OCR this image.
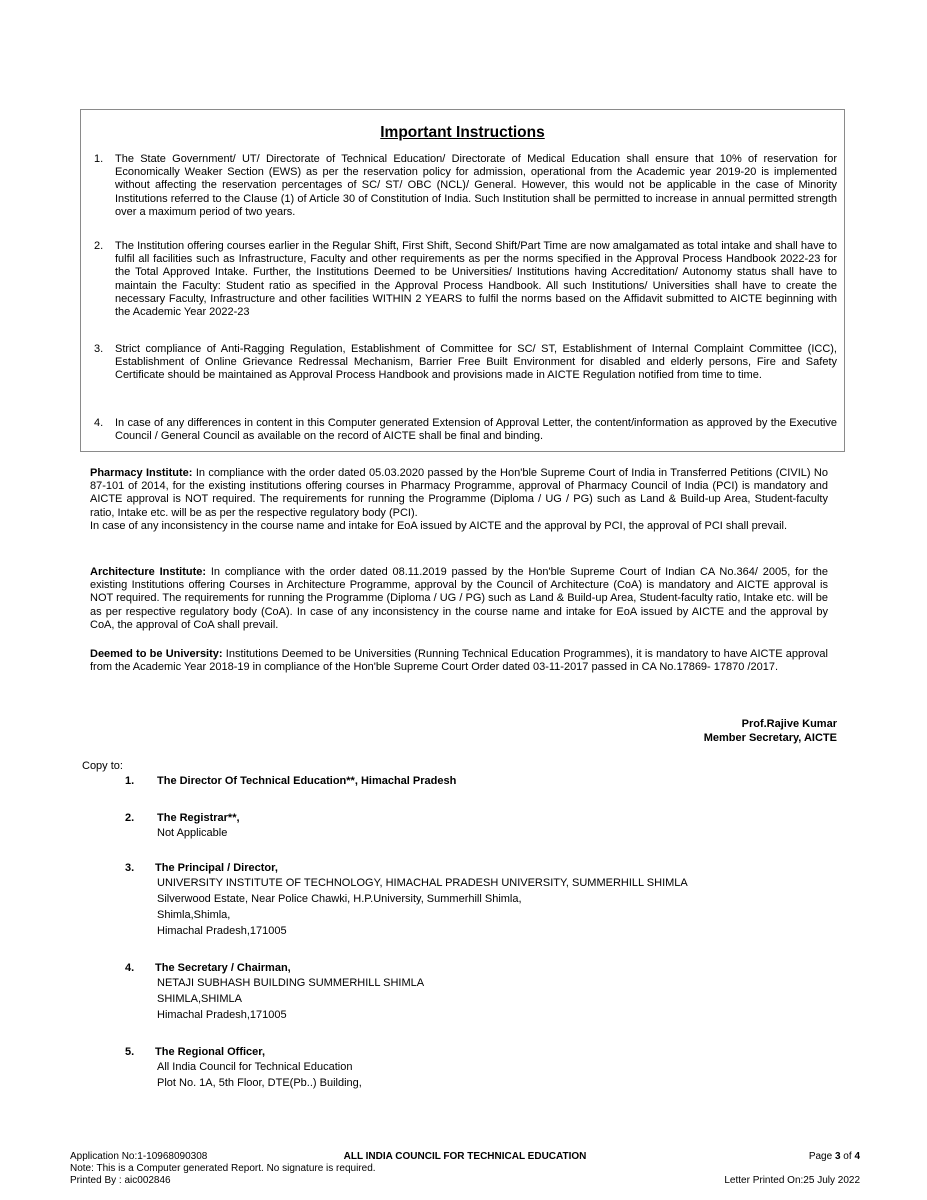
Important Instructions
1.	The State Government/ UT/ Directorate of Technical Education/ Directorate of Medical Education shall ensure that 10% of reservation for Economically Weaker Section (EWS) as per the reservation policy for admission, operational from the Academic year 2019-20 is implemented without affecting the reservation percentages of SC/ ST/ OBC (NCL)/ General. However, this would not be applicable in the case of Minority Institutions referred to the Clause (1) of Article 30 of Constitution of India. Such Institution shall be permitted to increase in annual permitted strength over a maximum period of two years.
2.	The Institution offering courses earlier in the Regular Shift, First Shift, Second Shift/Part Time are now amalgamated as total intake and shall have to fulfil all facilities such as Infrastructure, Faculty and other requirements as per the norms specified in the Approval Process Handbook 2022-23 for the Total Approved Intake. Further, the Institutions Deemed to be Universities/ Institutions having Accreditation/ Autonomy status shall have to maintain the Faculty: Student ratio as specified in the Approval Process Handbook. All such Institutions/ Universities shall have to create the necessary Faculty, Infrastructure and other facilities WITHIN 2 YEARS to fulfil the norms based on the Affidavit submitted to AICTE beginning with the Academic Year 2022-23
3.	Strict compliance of Anti-Ragging Regulation, Establishment of Committee for SC/ ST, Establishment of Internal Complaint Committee (ICC), Establishment of Online Grievance Redressal Mechanism, Barrier Free Built Environment for disabled and elderly persons, Fire and Safety Certificate should be maintained as Approval Process Handbook and provisions made in AICTE Regulation notified from time to time.
4.	In case of any differences in content in this Computer generated Extension of Approval Letter, the content/information as approved by the Executive Council / General Council as available on the record of AICTE shall be final and binding.
Pharmacy Institute: In compliance with the order dated 05.03.2020 passed by the Hon'ble Supreme Court of India in Transferred Petitions (CIVIL) No 87-101 of 2014, for the existing institutions offering courses in Pharmacy Programme, approval of Pharmacy Council of India (PCI) is mandatory and AICTE approval is NOT required. The requirements for running the Programme (Diploma / UG / PG) such as Land & Build-up Area, Student-faculty ratio, Intake etc. will be as per the respective regulatory body (PCI).
In case of any inconsistency in the course name and intake for EoA issued by AICTE and the approval by PCI, the approval of PCI shall prevail.
Architecture Institute: In compliance with the order dated 08.11.2019 passed by the Hon'ble Supreme Court of Indian CA No.364/ 2005, for the existing Institutions offering Courses in Architecture Programme, approval by the Council of Architecture (CoA) is mandatory and AICTE approval is NOT required. The requirements for running the Programme (Diploma / UG / PG) such as Land & Build-up Area, Student-faculty ratio, Intake etc. will be as per respective regulatory body (CoA). In case of any inconsistency in the course name and intake for EoA issued by AICTE and the approval by CoA, the approval of CoA shall prevail.
Deemed to be University: Institutions Deemed to be Universities (Running Technical Education Programmes), it is mandatory to have AICTE approval from the Academic Year 2018-19 in compliance of the Hon'ble Supreme Court Order dated 03-11-2017 passed in CA No.17869- 17870 /2017.
Prof.Rajive Kumar
Member Secretary, AICTE
Copy to:
1. The Director Of Technical Education**, Himachal Pradesh
2. The Registrar**,
Not Applicable
3. The Principal / Director,
UNIVERSITY INSTITUTE OF TECHNOLOGY, HIMACHAL PRADESH UNIVERSITY, SUMMERHILL SHIMLA
Silverwood Estate, Near Police Chawki, H.P.University, Summerhill Shimla,
Shimla,Shimla,
Himachal Pradesh,171005
4. The Secretary / Chairman,
NETAJI SUBHASH BUILDING SUMMERHILL SHIMLA
SHIMLA,SHIMLA
Himachal Pradesh,171005
5. The Regional Officer,
All India Council for Technical Education
Plot No. 1A, 5th Floor, DTE(Pb..) Building,
Application No:1-10968090308	ALL INDIA COUNCIL FOR TECHNICAL EDUCATION	Page 3 of 4
Note: This is a Computer generated Report. No signature is required.
Printed By : aic002846	Letter Printed On:25 July 2022
